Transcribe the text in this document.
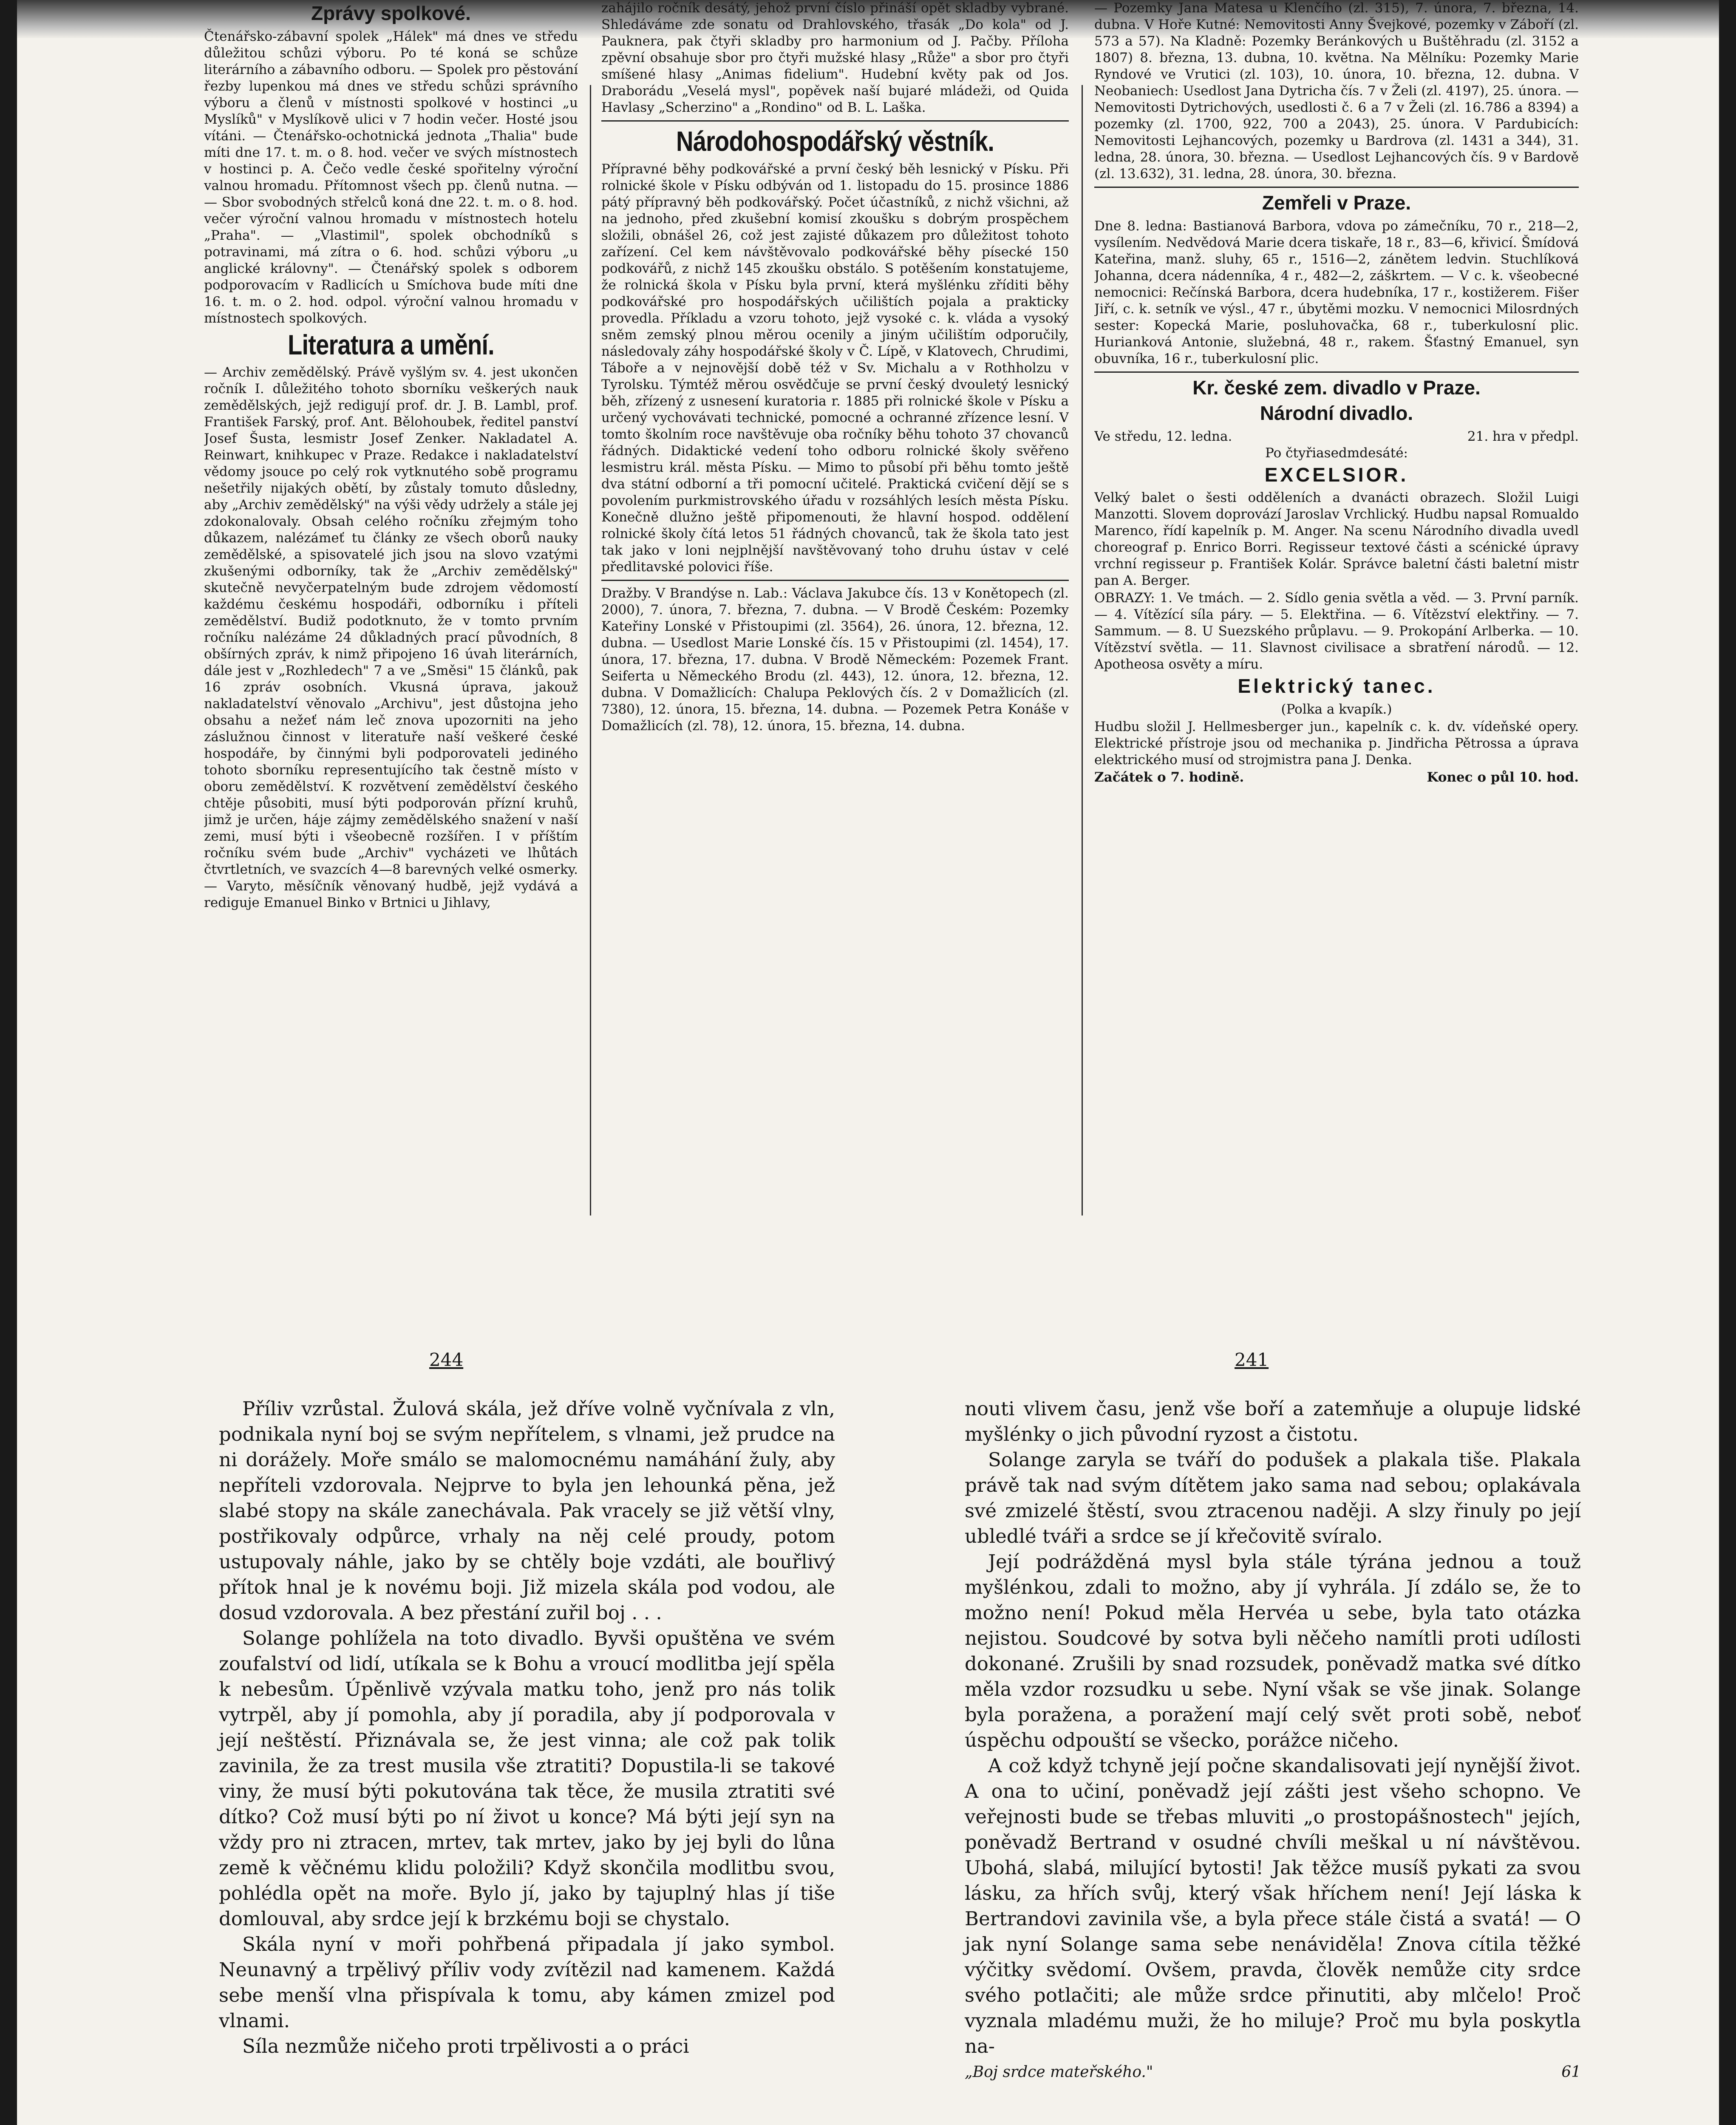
Zprávy spolkové.

Čtenářsko-zábavní spolek „Hálek" má dnes ve středu důležitou schůzi výboru. Po té koná se schůze literárního a zábavního odboru. — Spolek pro pěstování řezby lupenkou má dnes ve středu schůzi správního výboru a členů v místnosti spolkové v hostinci „u Myslíků" v Myslíkově ulici v 7 hodin večer. Hosté jsou vítáni. — Čtenářsko-ochotnická jednota „Thalia" bude míti dne 17. t. m. o 8. hod. večer ve svých místnostech v hostinci p. A. Čečo vedle české spořitelny výroční valnou hromadu. Přítomnost všech pp. členů nutna. — — Sbor svobodných střelců koná dne 22. t. m. o 8. hod. večer výroční valnou hromadu v místnostech hotelu „Praha". — „Vlastimil", spolek obchodníků s potravinami, má zítra o 6. hod. schůzi výboru „u anglické královny". — Čtenářský spolek s odborem podporovacím v Radlicích u Smíchova bude míti dne 16. t. m. o 2. hod. odpol. výroční valnou hromadu v místnostech spolkových.

Literatura a umění.

— Archiv zemědělský. Právě vyšlým sv. 4. jest ukončen ročník I. důležitého tohoto sborníku veškerých nauk zemědělských, jejž redigují prof. dr. J. B. Lambl, prof. František Farský, prof. Ant. Bělohoubek, ředitel panství Josef Šusta, lesmistr Josef Zenker. Nakladatel A. Reinwart, knihkupec v Praze. Redakce i nakladatelství vědomy jsouce po celý rok vytknutého sobě programu nešetřily nijakých obětí, by zůstaly tomuto důsledny, aby „Archiv zemědělský" na výši vědy udržely a stále jej zdokonalovaly. Obsah celého ročníku zřejmým toho důkazem, nalézámeť tu články ze všech oborů nauky zemědělské, a spisovatelé jich jsou na slovo vzatými zkušenými odborníky, tak že „Archiv zemědělský" skutečně nevyčerpatelným bude zdrojem vědomostí každému českému hospodáři, odborníku i příteli zemědělství. Budiž podotknuto, že v tomto prvním ročníku nalézáme 24 důkladných prací původních, 8 obšírných zpráv, k nimž připojeno 16 úvah literárních, dále jest v „Rozhledech" 7 a ve „Směsi" 15 článků, pak 16 zpráv osobních. Vkusná úprava, jakouž nakladatelství věnovalo „Archivu", jest důstojna jeho obsahu a nežeť nám leč znova upozorniti na jeho záslužnou činnost v literatuře naší veškeré české hospodáře, by činnými byli podporovateli jediného tohoto sborníku representujícího tak čestně místo v oboru zemědělství. K rozvětvení zemědělství českého chtěje působiti, musí býti podporován přízní kruhů, jimž je určen, háje zájmy zemědělského snažení v naší zemi, musí býti i všeobecně rozšířen. I v příštím ročníku svém bude „Archiv" vycházeti ve lhůtách čtvrtletních, ve svazcích 4—8 barevných velké osmerky. — Varyto, měsíčník věnovaný hudbě, jejž vydává a rediguje Emanuel Binko v Brtnici u Jihlavy,

zahájilo ročník desátý, jehož první číslo přináší opět skladby vybrané. Shledáváme zde sonatu od Drahlovského, třasák „Do kola" od J. Pauknera, pak čtyři skladby pro harmonium od J. Pačby. Příloha zpěvní obsahuje sbor pro čtyři mužské hlasy „Růže" a sbor pro čtyři smíšené hlasy „Animas fidelium". Hudební květy pak od Jos. Draborádu „Veselá mysl", popěvek naší bujaré mládeži, od Quida Havlasy „Scherzino" a „Rondino" od B. L. Laška.

Národohospodářský věstník.

Přípravné běhy podkovářské a první český běh lesnický v Písku. Při rolnické škole v Písku odbýván od 1. listopadu do 15. prosince 1886 pátý přípravný běh podkovářský. Počet účastníků, z nichž všichni, až na jednoho, před zkušební komisí zkoušku s dobrým prospěchem složili, obnášel 26, což jest zajisté důkazem pro důležitost tohoto zařízení. Cel kem návštěvovalo podkovářské běhy písecké 150 podkovářů, z nichž 145 zkoušku obstálo. S potěšením konstatujeme, že rolnická škola v Písku byla první, která myšlénku zříditi běhy podkovářské pro hospodářských učilištích pojala a prakticky provedla. Příkladu a vzoru tohoto, jejž vysoké c. k. vláda a vysoký sněm zemský plnou měrou ocenily a jiným učilištím odporučily, následovaly záhy hospodářské školy v Č. Lípě, v Klatovech, Chrudimi, Táboře a v nejnovější době též v Sv. Michalu a v Rothholzu v Tyrolsku. Týmtéž měrou osvědčuje se první český dvouletý lesnický běh, zřízený z usnesení kuratoria r. 1885 při rolnické škole v Písku a určený vychovávati technické, pomocné a ochranné zřízence lesní. V tomto školním roce navštěvuje oba ročníky běhu tohoto 37 chovanců řádných. Didaktické vedení toho odboru rolnické školy svěřeno lesmistru král. města Písku. — Mimo to působí při běhu tomto ještě dva státní odborní a tři pomocní učitelé. Praktická cvičení dějí se s povolením purkmistrovského úřadu v rozsáhlých lesích města Písku. Konečně dlužno ještě připomenouti, že hlavní hospod. oddělení rolnické školy čítá letos 51 řádných chovanců, tak že škola tato jest tak jako v loni nejplnější navštěvovaný toho druhu ústav v celé předlitavské polovici říše.

Dražby. V Brandýse n. Lab.: Václava Jakubce čís. 13 v Konětopech (zl. 2000), 7. února, 7. března, 7. dubna. — V Brodě Českém: Pozemky Kateřiny Lonské v Přistoupimi (zl. 3564), 26. února, 12. března, 12. dubna. — Usedlost Marie Lonské čís. 15 v Přistoupimi (zl. 1454), 17. února, 17. března, 17. dubna. V Brodě Německém: Pozemek Frant. Seiferta u Německého Brodu (zl. 443), 12. února, 12. března, 12. dubna. V Domažlicích: Chalupa Peklových čís. 2 v Domažlicích (zl. 7380), 12. února, 15. března, 14. dubna. — Pozemek Petra Konáše v Domažlicích (zl. 78), 12. února, 15. března, 14. dubna.

— Pozemky Jana Matesa u Klenčího (zl. 315), 7. února, 7. března, 14. dubna. V Hoře Kutné: Nemovitosti Anny Švejkové, pozemky v Záboří (zl. 573 a 57). Na Kladně: Pozemky Beránkových u Buštěhradu (zl. 3152 a 1807) 8. března, 13. dubna, 10. května. Na Mělníku: Pozemky Marie Ryndové ve Vrutici (zl. 103), 10. února, 10. března, 12. dubna. V Neobaniech: Usedlost Jana Dytricha čís. 7 v Želi (zl. 4197), 25. února. — Nemovitosti Dytrichových, usedlosti č. 6 a 7 v Želi (zl. 16.786 a 8394) a pozemky (zl. 1700, 922, 700 a 2043), 25. února. V Pardubicích: Nemovitosti Lejhancových, pozemky u Bardrova (zl. 1431 a 344), 31. ledna, 28. února, 30. března. — Usedlost Lejhancových čís. 9 v Bardově (zl. 13.632), 31. ledna, 28. února, 30. března.

Zemřeli v Praze.

Dne 8. ledna: Bastianová Barbora, vdova po zámečníku, 70 r., 218—2, vysílením. Nedvědová Marie dcera tiskaře, 18 r., 83—6, křivicí. Šmídová Kateřina, manž. sluhy, 65 r., 1516—2, zánětem ledvin. Stuchlíková Johanna, dcera nádenníka, 4 r., 482—2, záškrtem. — V c. k. všeobecné nemocnici: Rečínská Barbora, dcera hudebníka, 17 r., kostižerem. Fišer Jiří, c. k. setník ve výsl., 47 r., úbytěmi mozku. V nemocnici Milosrdných sester: Kopecká Marie, posluhovačka, 68 r., tuberkulosní plic. Hurianková Antonie, služebná, 48 r., rakem. Šťastný Emanuel, syn obuvníka, 16 r., tuberkulosní plic.

Kr. české zem. divadlo v Praze.
Národní divadlo.
Ve středu, 12. ledna.	21. hra v předpl.

Po čtyřiasedmdesáté:

EXCELSIOR.

Velký balet o šesti odděleních a dvanácti obrazech. Složil Luigi Manzotti. Slovem doprovází Jaroslav Vrchlický. Hudbu napsal Romualdo Marenco, řídí kapelník p. M. Anger. Na scenu Národního divadla uvedl choreograf p. Enrico Borri. Regisseur textové části a scénické úpravy vrchní regisseur p. František Kolár. Správce baletní části baletní mistr pan A. Berger.

OBRAZY: 1. Ve tmách. — 2. Sídlo genia světla a věd. — 3. První parník. — 4. Vítězící síla páry. — 5. Elektřina. — 6. Vítězství elektřiny. — 7. Sammum. — 8. U Suezského průplavu. — 9. Prokopání Arlberka. — 10. Vítězství světla. — 11. Slavnost civilisace a sbratření národů. — 12. Apotheosa osvěty a míru.

Elektrický tanec.

(Polka a kvapík.)

Hudbu složil J. Hellmesberger jun., kapelník c. k. dv. vídeňské opery. Elektrické přístroje jsou od mechanika p. Jindřicha Pětrossa a úprava elektrického musí od strojmistra pana J. Denka.

Začátek o 7. hodině.	Konec o půl 10. hod.
244	241

Příliv vzrůstal. Žulová skála, jež dříve volně vyčnívala z vln, podnikala nyní boj se svým nepřítelem, s vlnami, jež prudce na ni dorážely. Moře smálo se malomocnému namáhání žuly, aby nepříteli vzdorovala. Nejprve to byla jen lehounká pěna, jež slabé stopy na skále zanechávala. Pak vracely se již větší vlny, postřikovaly odpůrce, vrhaly na něj celé proudy, potom ustupovaly náhle, jako by se chtěly boje vzdáti, ale bouřlivý přítok hnal je k novému boji. Již mizela skála pod vodou, ale dosud vzdorovala. A bez přestání zuřil boj . . .

Solange pohlížela na toto divadlo. Byvši opuštěna ve svém zoufalství od lidí, utíkala se k Bohu a vroucí modlitba její spěla k nebesům. Úpěnlivě vzývala matku toho, jenž pro nás tolik vytrpěl, aby jí pomohla, aby jí poradila, aby jí podporovala v její neštěstí. Přiznávala se, že jest vinna; ale což pak tolik zavinila, že za trest musila vše ztratiti? Dopustila-li se takové viny, že musí býti pokutována tak těce, že musila ztratiti své dítko? Což musí býti po ní život u konce? Má býti její syn na vždy pro ni ztracen, mrtev, tak mrtev, jako by jej byli do lůna země k věčnému klidu položili? Když skončila modlitbu svou, pohlédla opět na moře. Bylo jí, jako by tajuplný hlas jí tiše domlouval, aby srdce její k brzkému boji se chystalo.

Skála nyní v moři pohřbená připadala jí jako symbol. Neunavný a trpělivý příliv vody zvítězil nad kamenem. Každá sebe menší vlna přispívala k tomu, aby kámen zmizel pod vlnami.

Síla nezmůže ničeho proti trpělivosti a o práci

nouti vlivem času, jenž vše boří a zatemňuje a olupuje lidské myšlénky o jich původní ryzost a čistotu.

Solange zaryla se tváří do podušek a plakala tiše. Plakala právě tak nad svým dítětem jako sama nad sebou; oplakávala své zmizelé štěstí, svou ztracenou naději. A slzy řinuly po její ubledlé tváři a srdce se jí křečovitě svíralo.

Její podrážděná mysl byla stále týrána jednou a touž myšlénkou, zdali to možno, aby jí vyhrála. Jí zdálo se, že to možno není! Pokud měla Hervéa u sebe, byla tato otázka nejistou. Soudcové by sotva byli něčeho namítli proti udílosti dokonané. Zrušili by snad rozsudek, poněvadž matka své dítko měla vzdor rozsudku u sebe. Nyní však se vše jinak. Solange byla poražena, a poražení mají celý svět proti sobě, neboť úspěchu odpouští se všecko, porážce ničeho.

A což když tchyně její počne skandalisovati její nynější život. A ona to učiní, poněvadž její zášti jest všeho schopno. Ve veřejnosti bude se třebas mluviti „o prostopášnostech" jejích, poněvadž Bertrand v osudné chvíli meškal u ní návštěvou. Ubohá, slabá, milující bytosti! Jak těžce musíš pykati za svou lásku, za hřích svůj, který však hříchem není! Její láska k Bertrandovi zavinila vše, a byla přece stále čistá a svatá! — O jak nyní Solange sama sebe nenáviděla! Znova cítila těžké výčitky svědomí. Ovšem, pravda, člověk nemůže city srdce svého potlačiti; ale může srdce přinutiti, aby mlčelo! Proč vyznala mladému muži, že ho miluje? Proč mu byla poskytla na-

„Boj srdce mateřského."	61
